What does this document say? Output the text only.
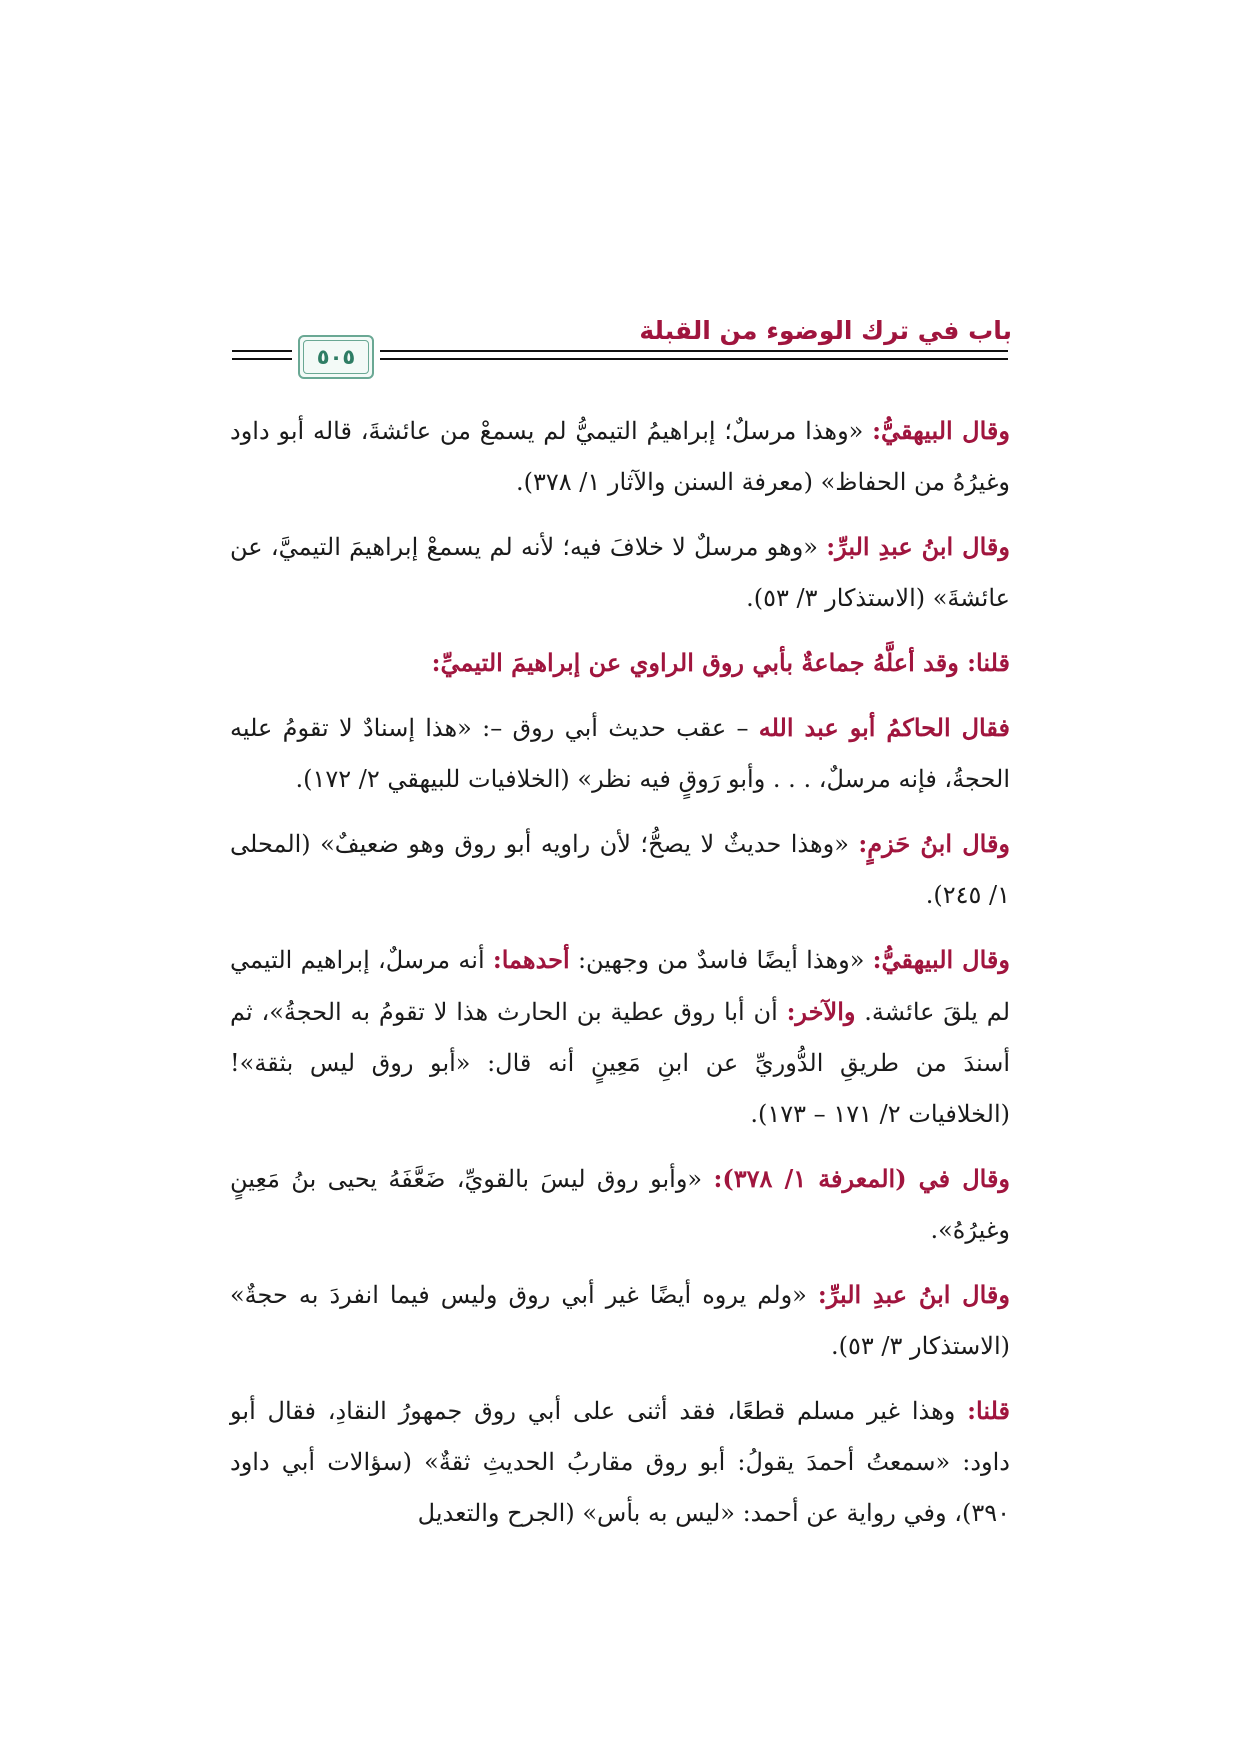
باب في ترك الوضوء من القبلة
٥٠٥

وقال البيهقيُّ: «وهذا مرسلٌ؛ إبراهيمُ التيميُّ لم يسمعْ من عائشةَ، قاله أبو داود وغيرُهُ من الحفاظ» (معرفة السنن والآثار ١/ ٣٧٨).

وقال ابنُ عبدِ البرِّ: «وهو مرسلٌ لا خلافَ فيه؛ لأنه لم يسمعْ إبراهيمَ التيميَّ، عن عائشةَ» (الاستذكار ٣/ ٥٣).

قلنا: وقد أعلَّهُ جماعةٌ بأبي روق الراوي عن إبراهيمَ التيميِّ:

فقال الحاكمُ أبو عبد الله – عقب حديث أبي روق –: «هذا إسنادٌ لا تقومُ عليه الحجةُ، فإنه مرسلٌ، . . . وأبو رَوقٍ فيه نظر» (الخلافيات للبيهقي ٢/ ١٧٢).

وقال ابنُ حَزمٍ: «وهذا حديثٌ لا يصحُّ؛ لأن راويه أبو روق وهو ضعيفٌ» (المحلى ١/ ٢٤٥).

وقال البيهقيُّ: «وهذا أيضًا فاسدٌ من وجهين: أحدهما: أنه مرسلٌ، إبراهيم التيمي لم يلقَ عائشة. والآخر: أن أبا روق عطية بن الحارث هذا لا تقومُ به الحجةُ»، ثم أسندَ من طريقِ الدُّوريِّ عن ابنِ مَعِينٍ أنه قال: «أبو روق ليس بثقة»! (الخلافيات ٢/ ١٧١ – ١٧٣).

وقال في (المعرفة ١/ ٣٧٨): «وأبو روق ليسَ بالقويِّ، ضَعَّفَهُ يحيى بنُ مَعِينٍ وغيرُهُ».

وقال ابنُ عبدِ البرِّ: «ولم يروه أيضًا غير أبي روق وليس فيما انفردَ به حجةٌ» (الاستذكار ٣/ ٥٣).

قلنا: وهذا غير مسلم قطعًا، فقد أثنى على أبي روق جمهورُ النقادِ، فقال أبو داود: «سمعتُ أحمدَ يقولُ: أبو روق مقاربُ الحديثِ ثقةٌ» (سؤالات أبي داود ٣٩٠)، وفي رواية عن أحمد: «ليس به بأس» (الجرح والتعديل
